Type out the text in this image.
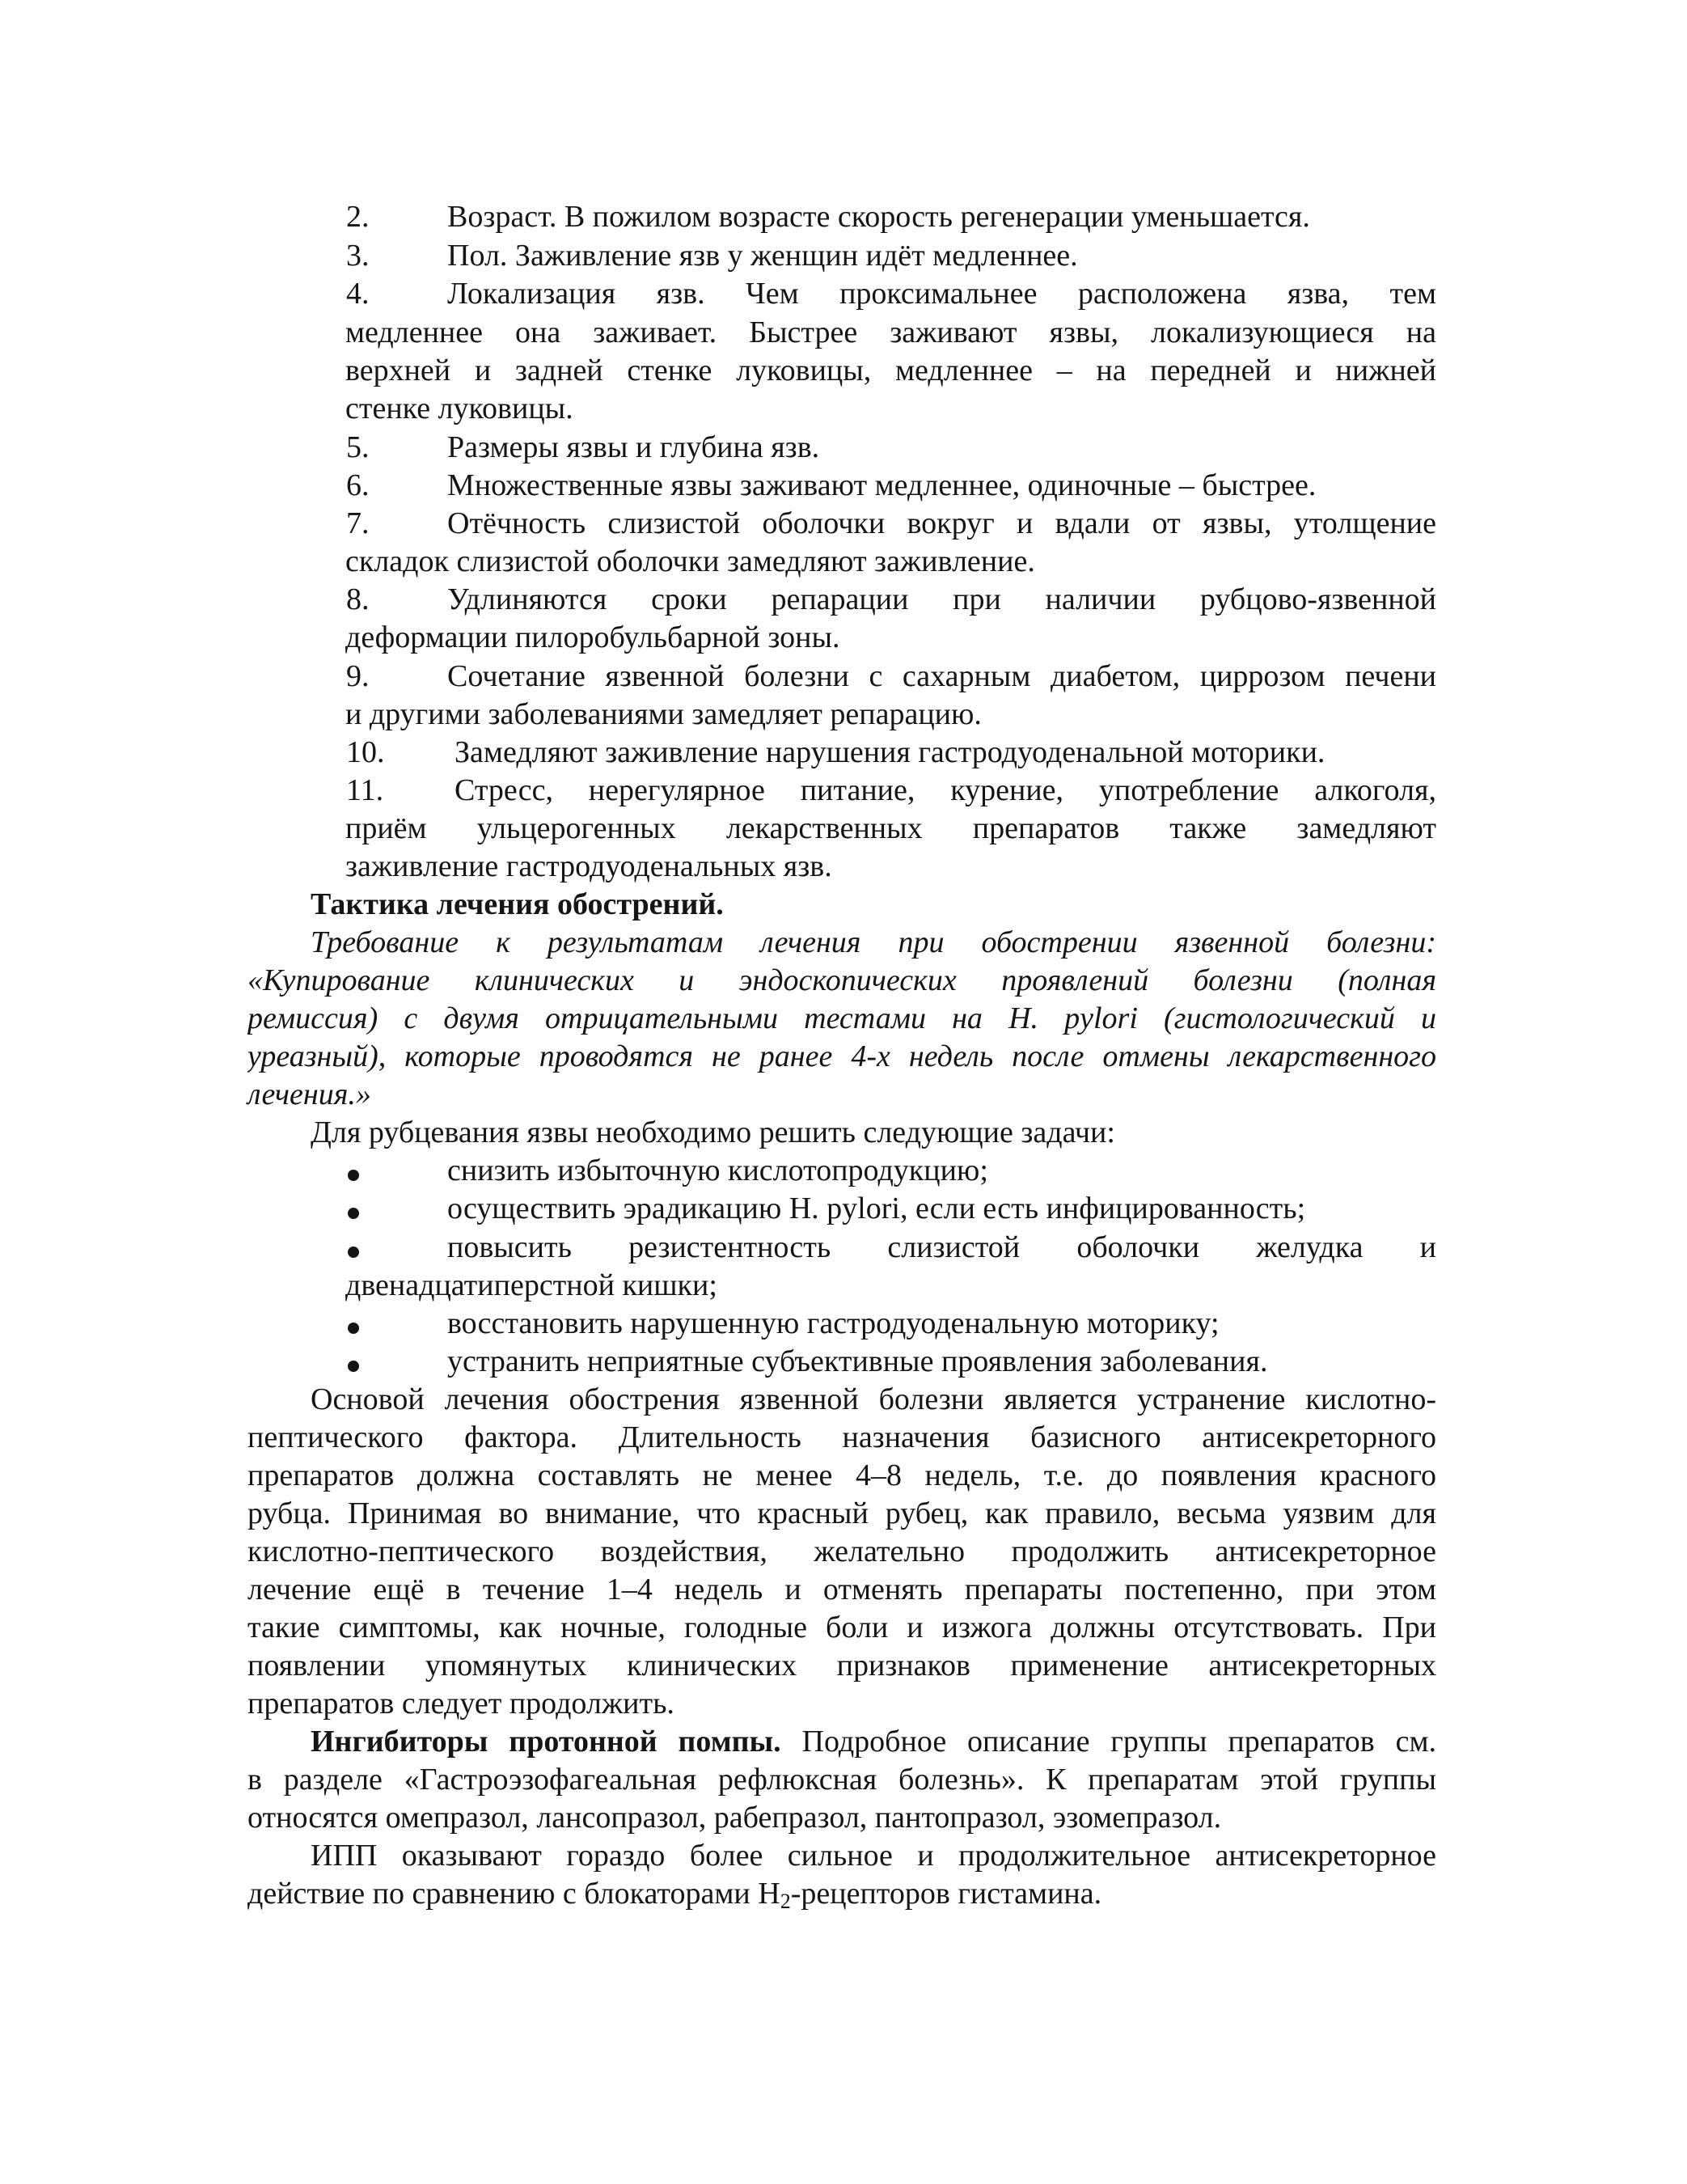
2.	Возраст. В пожилом возрасте скорость регенерации уменьшается.
3.	Пол. Заживление язв у женщин идёт медленнее.
4.	Локализация язв. Чем проксимальнее расположена язва, тем
медленнее она заживает. Быстрее заживают язвы, локализующиеся на
верхней и задней стенке луковицы, медленнее – на передней и нижней
стенке луковицы.
5.	Размеры язвы и глубина язв.
6.	Множественные язвы заживают медленнее, одиночные – быстрее.
7.	Отёчность слизистой оболочки вокруг и вдали от язвы, утолщение
складок слизистой оболочки замедляют заживление.
8.	Удлиняются сроки репарации при наличии рубцово-язвенной
деформации пилоробульбарной зоны.
9.	Сочетание язвенной болезни с сахарным диабетом, циррозом печени
и другими заболеваниями замедляет репарацию.
10. Замедляют заживление нарушения гастродуоденальной моторики.
11. Стресс, нерегулярное питание, курение, употребление алкоголя,
приём ульцерогенных лекарственных препаратов также замедляют
заживление гастродуоденальных язв.
Тактика лечения обострений.
Требование к результатам лечения при обострении язвенной болезни:
«Купирование клинических и эндоскопических проявлений болезни (полная
ремиссия) с двумя отрицательными тестами на H. pylori (гистологический и
уреазный), которые проводятся не ранее 4-х недель после отмены лекарственного
лечения.»
Для рубцевания язвы необходимо решить следующие задачи:
снизить избыточную кислотопродукцию;
осуществить эрадикацию H. pylori, если есть инфицированность;
повысить резистентность слизистой оболочки желудка и
двенадцатиперстной кишки;
восстановить нарушенную гастродуоденальную моторику;
устранить неприятные субъективные проявления заболевания.
Основой лечения обострения язвенной болезни является устранение кислотно-
пептического фактора. Длительность назначения базисного антисекреторного
препаратов должна составлять не менее 4–8 недель, т.е. до появления красного
рубца. Принимая во внимание, что красный рубец, как правило, весьма уязвим для
кислотно-пептического воздействия, желательно продолжить антисекреторное
лечение ещё в течение 1–4 недель и отменять препараты постепенно, при этом
такие симптомы, как ночные, голодные боли и изжога должны отсутствовать. При
появлении упомянутых клинических признаков применение антисекреторных
препаратов следует продолжить.
Ингибиторы протонной помпы. Подробное описание группы препаратов см.
в разделе «Гастроэзофагеальная рефлюксная болезнь». К препаратам этой группы
относятся омепразол, лансопразол, рабепразол, пантопразол, эзомепразол.
ИПП оказывают гораздо более сильное и продолжительное антисекреторное
действие по сравнению с блокаторами $H_2$-рецепторов гистамина.
